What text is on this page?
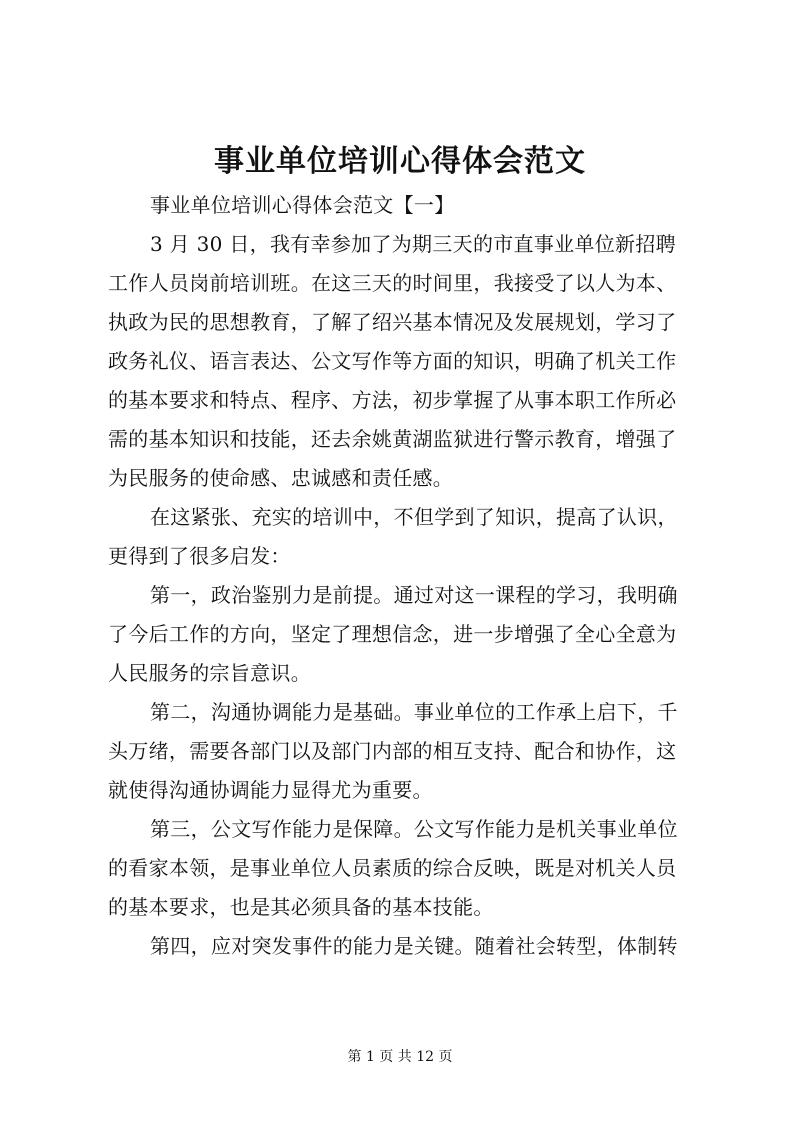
事业单位培训心得体会范文
事业单位培训心得体会范文【一】
3 月 30 日，我有幸参加了为期三天的市直事业单位新招聘
工作人员岗前培训班。在这三天的时间里，我接受了以人为本、
执政为民的思想教育，了解了绍兴基本情况及发展规划，学习了
政务礼仪、语言表达、公文写作等方面的知识，明确了机关工作
的基本要求和特点、程序、方法，初步掌握了从事本职工作所必
需的基本知识和技能，还去余姚黄湖监狱进行警示教育，增强了
为民服务的使命感、忠诚感和责任感。
在这紧张、充实的培训中，不但学到了知识，提高了认识，
更得到了很多启发：
第一，政治鉴别力是前提。通过对这一课程的学习，我明确
了今后工作的方向，坚定了理想信念，进一步增强了全心全意为
人民服务的宗旨意识。
第二，沟通协调能力是基础。事业单位的工作承上启下，千
头万绪，需要各部门以及部门内部的相互支持、配合和协作，这
就使得沟通协调能力显得尤为重要。
第三，公文写作能力是保障。公文写作能力是机关事业单位
的看家本领，是事业单位人员素质的综合反映，既是对机关人员
的基本要求，也是其必须具备的基本技能。
第四，应对突发事件的能力是关键。随着社会转型，体制转
第 1 页 共 12 页
